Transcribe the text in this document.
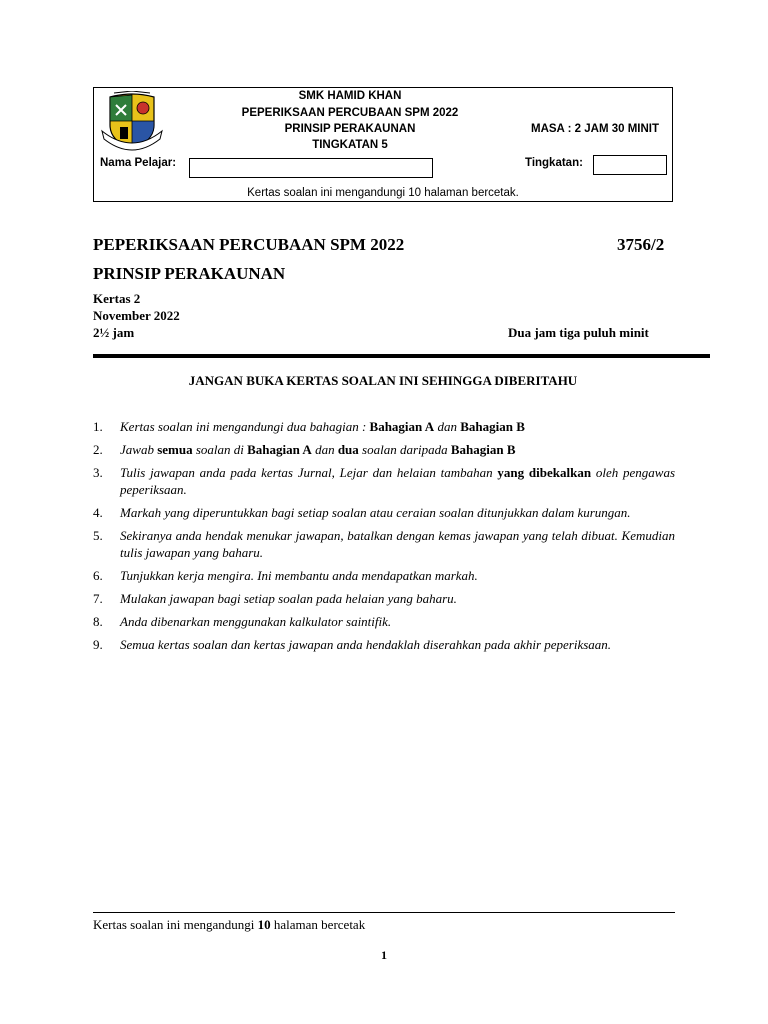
SMK HAMID KHAN
PEPERIKSAAN PERCUBAAN SPM 2022
PRINSIP PERAKAUNAN
TINGKATAN 5
MASA : 2 JAM 30 MINIT
Nama Pelajar:	Tingkatan:
Kertas soalan ini mengandungi 10 halaman bercetak.
PEPERIKSAAN PERCUBAAN SPM 2022	3756/2
PRINSIP PERAKAUNAN
Kertas 2
November 2022
2½ jam	Dua jam tiga puluh minit
JANGAN BUKA KERTAS SOALAN INI SEHINGGA DIBERITAHU
1. Kertas soalan ini mengandungi dua bahagian : Bahagian A dan Bahagian B
2. Jawab semua soalan di Bahagian A dan dua soalan daripada Bahagian B
3. Tulis jawapan anda pada kertas Jurnal, Lejar dan helaian tambahan yang dibekalkan oleh pengawas peperiksaan.
4. Markah yang diperuntukkan bagi setiap soalan atau ceraian soalan ditunjukkan dalam kurungan.
5. Sekiranya anda hendak menukar jawapan, batalkan dengan kemas jawapan yang telah dibuat. Kemudian tulis jawapan yang baharu.
6. Tunjukkan kerja mengira. Ini membantu anda mendapatkan markah.
7. Mulakan jawapan bagi setiap soalan pada helaian yang baharu.
8. Anda dibenarkan menggunakan kalkulator saintifik.
9. Semua kertas soalan dan kertas jawapan anda hendaklah diserahkan pada akhir peperiksaan.
Kertas soalan ini mengandungi 10 halaman bercetak
1
